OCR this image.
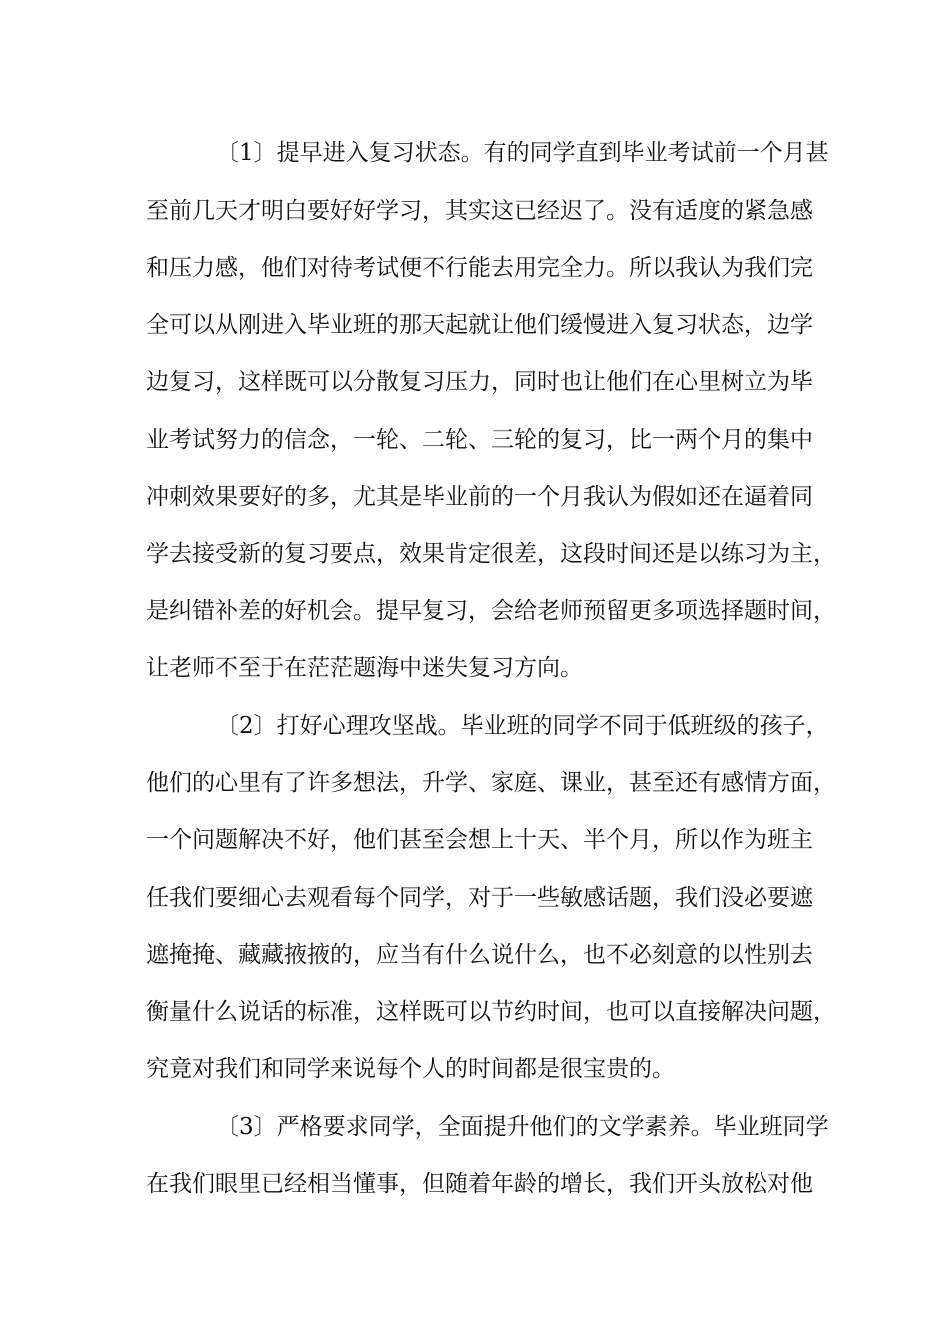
〔1〕提早进入复习状态。有的同学直到毕业考试前一个月甚
至前几天才明白要好好学习，其实这已经迟了。没有适度的紧急感
和压力感，他们对待考试便不行能去用完全力。所以我认为我们完
全可以从刚进入毕业班的那天起就让他们缓慢进入复习状态，边学
边复习，这样既可以分散复习压力，同时也让他们在心里树立为毕
业考试努力的信念，一轮、二轮、三轮的复习，比一两个月的集中
冲刺效果要好的多，尤其是毕业前的一个月我认为假如还在逼着同
学去接受新的复习要点，效果肯定很差，这段时间还是以练习为主，
是纠错补差的好机会。提早复习，会给老师预留更多项选择题时间，
让老师不至于在茫茫题海中迷失复习方向。
〔2〕打好心理攻坚战。毕业班的同学不同于低班级的孩子，
他们的心里有了许多想法，升学、家庭、课业，甚至还有感情方面，
一个问题解决不好，他们甚至会想上十天、半个月，所以作为班主
任我们要细心去观看每个同学，对于一些敏感话题，我们没必要遮
遮掩掩、藏藏掖掖的，应当有什么说什么，也不必刻意的以性别去
衡量什么说话的标准，这样既可以节约时间，也可以直接解决问题，
究竟对我们和同学来说每个人的时间都是很宝贵的。
〔3〕严格要求同学，全面提升他们的文学素养。毕业班同学
在我们眼里已经相当懂事，但随着年龄的增长，我们开头放松对他
